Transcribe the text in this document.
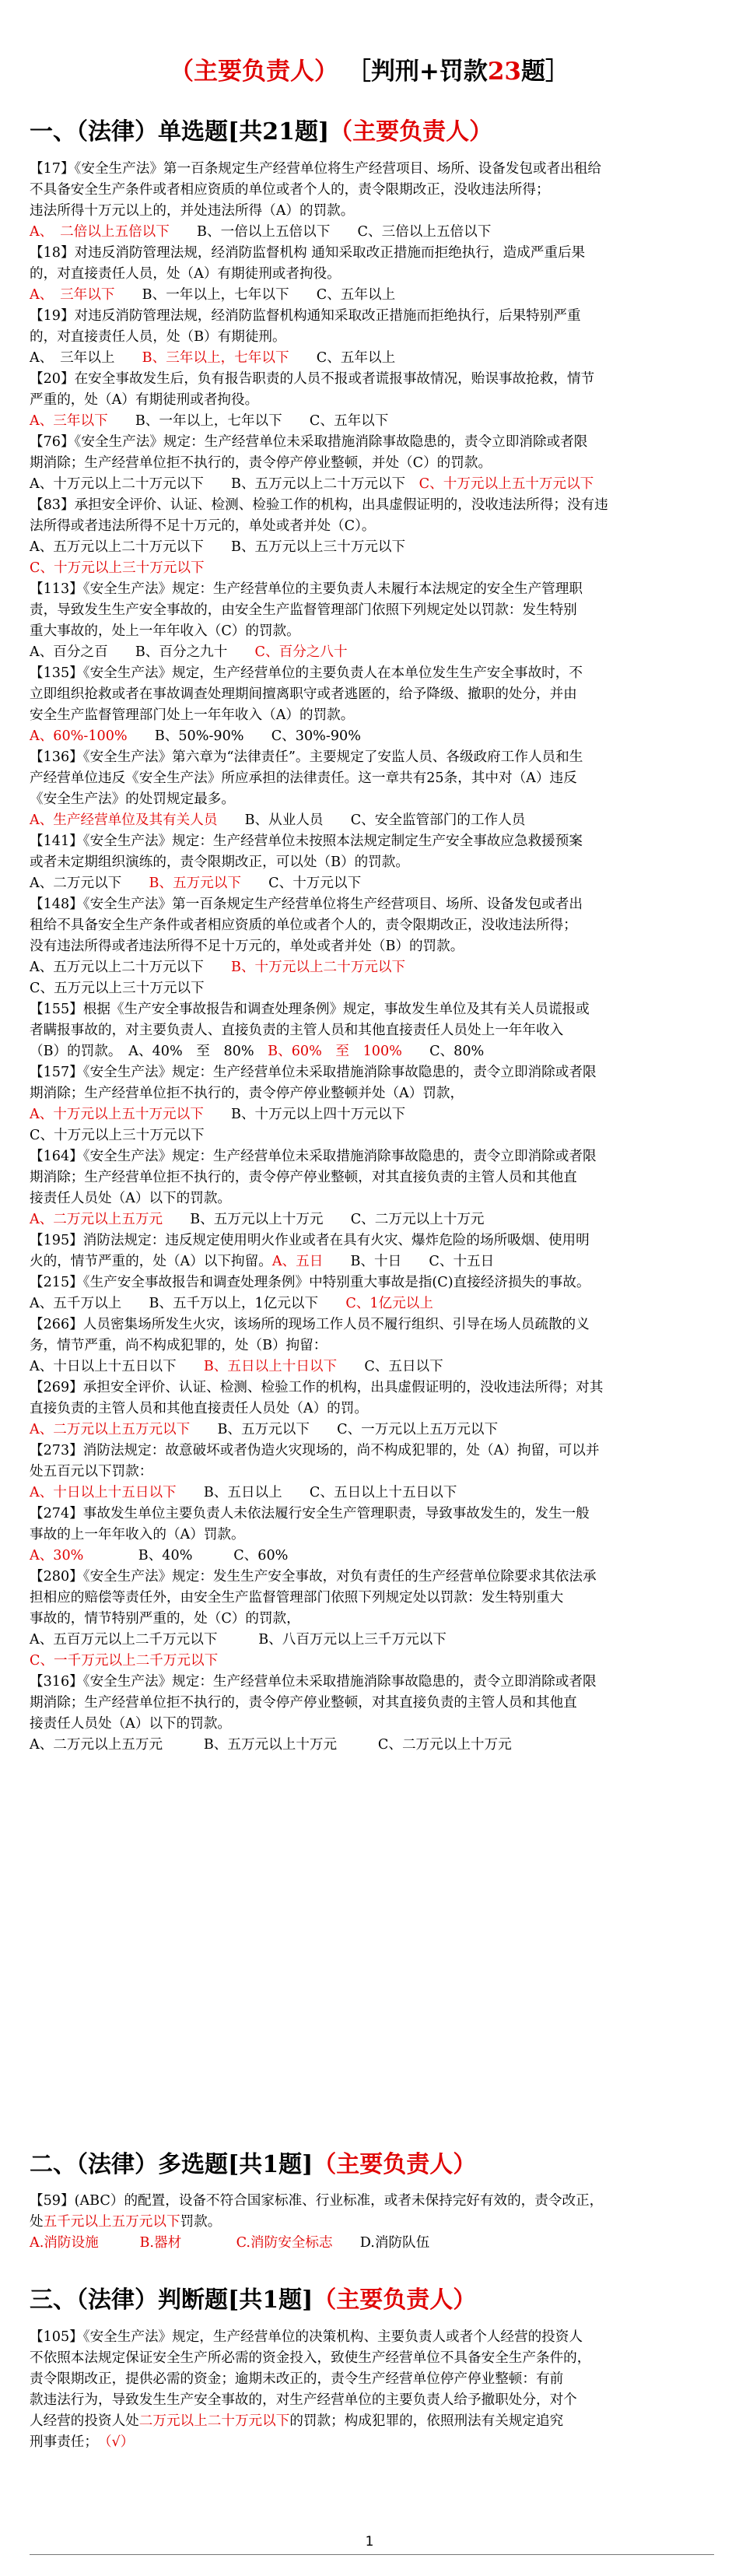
（主要负责人） ［判刑+罚款23题］
一、（法律）单选题[共21题]（主要负责人）
【17】《安全生产法》第一百条规定生产经营单位将生产经营项目、场所、设备发包或者出租给
不具备安全生产条件或者相应资质的单位或者个人的，责令限期改正，没收违法所得；
违法所得十万元以上的，并处违法所得（A）的罚款。
A、　二倍以上五倍以下　　B、一倍以上五倍以下　　C、三倍以上五倍以下
【18】对违反消防管理法规，经消防监督机构 通知采取改正措施而拒绝执行，造成严重后果
的，对直接责任人员，处（A）有期徒刑或者拘役。
A、　三年以下　　B、一年以上，七年以下　　C、五年以上
【19】对违反消防管理法规，经消防监督机构通知采取改正措施而拒绝执行，后果特别严重
的，对直接责任人员，处（B）有期徒刑。
A、　三年以上　　B、三年以上，七年以下　　C、五年以上
【20】在安全事故发生后，负有报告职责的人员不报或者谎报事故情况，贻误事故抢救，情节
严重的，处（A）有期徒刑或者拘役。
A、三年以下　　B、一年以上，七年以下　　C、五年以下
【76】《安全生产法》规定：生产经营单位未采取措施消除事故隐患的，责令立即消除或者限
期消除；生产经营单位拒不执行的，责令停产停业整顿，并处（C）的罚款。
A、十万元以上二十万元以下　　B、五万元以上二十万元以下　C、十万元以上五十万元以下
【83】承担安全评价、认证、检测、检验工作的机构，出具虚假证明的，没收违法所得；没有违
法所得或者违法所得不足十万元的，单处或者并处（C）。
A、五万元以上二十万元以下　　B、五万元以上三十万元以下
C、十万元以上三十万元以下
【113】《安全生产法》规定：生产经营单位的主要负责人未履行本法规定的安全生产管理职
责，导致发生生产安全事故的，由安全生产监督管理部门依照下列规定处以罚款：发生特别
重大事故的，处上一年年收入（C）的罚款。
A、百分之百　　B、百分之九十　　C、百分之八十
【135】《安全生产法》规定，生产经营单位的主要负责人在本单位发生生产安全事故时，不
立即组织抢救或者在事故调查处理期间擅离职守或者逃匿的，给予降级、撤职的处分，并由
安全生产监督管理部门处上一年年收入（A）的罚款。
A、60%-100%　　B、50%-90%　　C、30%-90%
【136】《安全生产法》第六章为“法律责任”。主要规定了安监人员、各级政府工作人员和生
产经营单位违反《安全生产法》所应承担的法律责任。这一章共有25条，其中对（A）违反
《安全生产法》的处罚规定最多。
A、生产经营单位及其有关人员　　B、从业人员　　C、安全监管部门的工作人员
【141】《安全生产法》规定：生产经营单位未按照本法规定制定生产安全事故应急救援预案
或者未定期组织演练的，责令限期改正，可以处（B）的罚款。
A、二万元以下　　B、五万元以下　　C、十万元以下
【148】《安全生产法》第一百条规定生产经营单位将生产经营项目、场所、设备发包或者出
租给不具备安全生产条件或者相应资质的单位或者个人的，责令限期改正，没收违法所得；
没有违法所得或者违法所得不足十万元的，单处或者并处（B）的罚款。
A、五万元以上二十万元以下　　B、十万元以上二十万元以下
C、五万元以上三十万元以下
【155】根据《生产安全事故报告和调查处理条例》规定，事故发生单位及其有关人员谎报或
者瞒报事故的，对主要负责人、直接负责的主管人员和其他直接责任人员处上一年年收入
（B）的罚款。　A、40%　至　80%　B、60%　至　100%　　C、80%
【157】《安全生产法》规定：生产经营单位未采取措施消除事故隐患的，责令立即消除或者限
期消除；生产经营单位拒不执行的，责令停产停业整顿并处（A）罚款，
A、十万元以上五十万元以下　　B、十万元以上四十万元以下
C、十万元以上三十万元以下
【164】《安全生产法》规定：生产经营单位未采取措施消除事故隐患的，责令立即消除或者限
期消除；生产经营单位拒不执行的，责令停产停业整顿，对其直接负责的主管人员和其他直
接责任人员处（A）以下的罚款。
A、二万元以上五万元　　B、五万元以上十万元　　C、二万元以上十万元
【195】消防法规定：违反规定使用明火作业或者在具有火灾、爆炸危险的场所吸烟、使用明
火的，情节严重的，处（A）以下拘留。A、五日　　B、十日　　C、十五日
【215】《生产安全事故报告和调查处理条例》中特别重大事故是指(C)直接经济损失的事故。
A、五千万以上　　B、五千万以上，1亿元以下　　C、1亿元以上
【266】人员密集场所发生火灾，该场所的现场工作人员不履行组织、引导在场人员疏散的义
务，情节严重，尚不构成犯罪的，处（B）拘留：
A、十日以上十五日以下　　B、五日以上十日以下　　C、五日以下
【269】承担安全评价、认证、检测、检验工作的机构，出具虚假证明的，没收违法所得；对其
直接负责的主管人员和其他直接责任人员处（A）的罚。
A、二万元以上五万元以下　　B、五万元以下　　C、一万元以上五万元以下
【273】消防法规定：故意破坏或者伪造火灾现场的，尚不构成犯罪的，处（A）拘留，可以并
处五百元以下罚款：
A、十日以上十五日以下　　B、五日以上　　C、五日以上十五日以下
【274】事故发生单位主要负责人未依法履行安全生产管理职责，导致事故发生的，发生一般
事故的上一年年收入的（A）罚款。
A、30%　　　　B、40%　　　C、60%
【280】《安全生产法》规定：发生生产安全事故，对负有责任的生产经营单位除要求其依法承
担相应的赔偿等责任外，由安全生产监督管理部门依照下列规定处以罚款：发生特别重大
事故的，情节特别严重的，处（C）的罚款，
A、五百万元以上二千万元以下　　　B、八百万元以上三千万元以下
C、一千万元以上二千万元以下
【316】《安全生产法》规定：生产经营单位未采取措施消除事故隐患的，责令立即消除或者限
期消除；生产经营单位拒不执行的，责令停产停业整顿，对其直接负责的主管人员和其他直
接责任人员处（A）以下的罚款。
A、二万元以上五万元　　　B、五万元以上十万元　　　C、二万元以上十万元
二、（法律）多选题[共1题]（主要负责人）
【59】(ABC）的配置，设备不符合国家标准、行业标准，或者未保持完好有效的，责令改正，
处五千元以上五万元以下罚款。
A.消防设施　　　	B.器材　　　　	C.消防安全标志　　D.消防队伍
三、（法律）判断题[共1题]（主要负责人）
【105】《安全生产法》规定，生产经营单位的决策机构、主要负责人或者个人经营的投资人
不依照本法规定保证安全生产所必需的资金投入，致使生产经营单位不具备安全生产条件的，
责令限期改正，提供必需的资金；逾期未改正的，责令生产经营单位停产停业整顿：有前
款违法行为，导致发生生产安全事故的，对生产经营单位的主要负责人给予撤职处分，对个
人经营的投资人处二万元以上二十万元以下的罚款；构成犯罪的，依照刑法有关规定追究
刑事责任；　（√）
1
